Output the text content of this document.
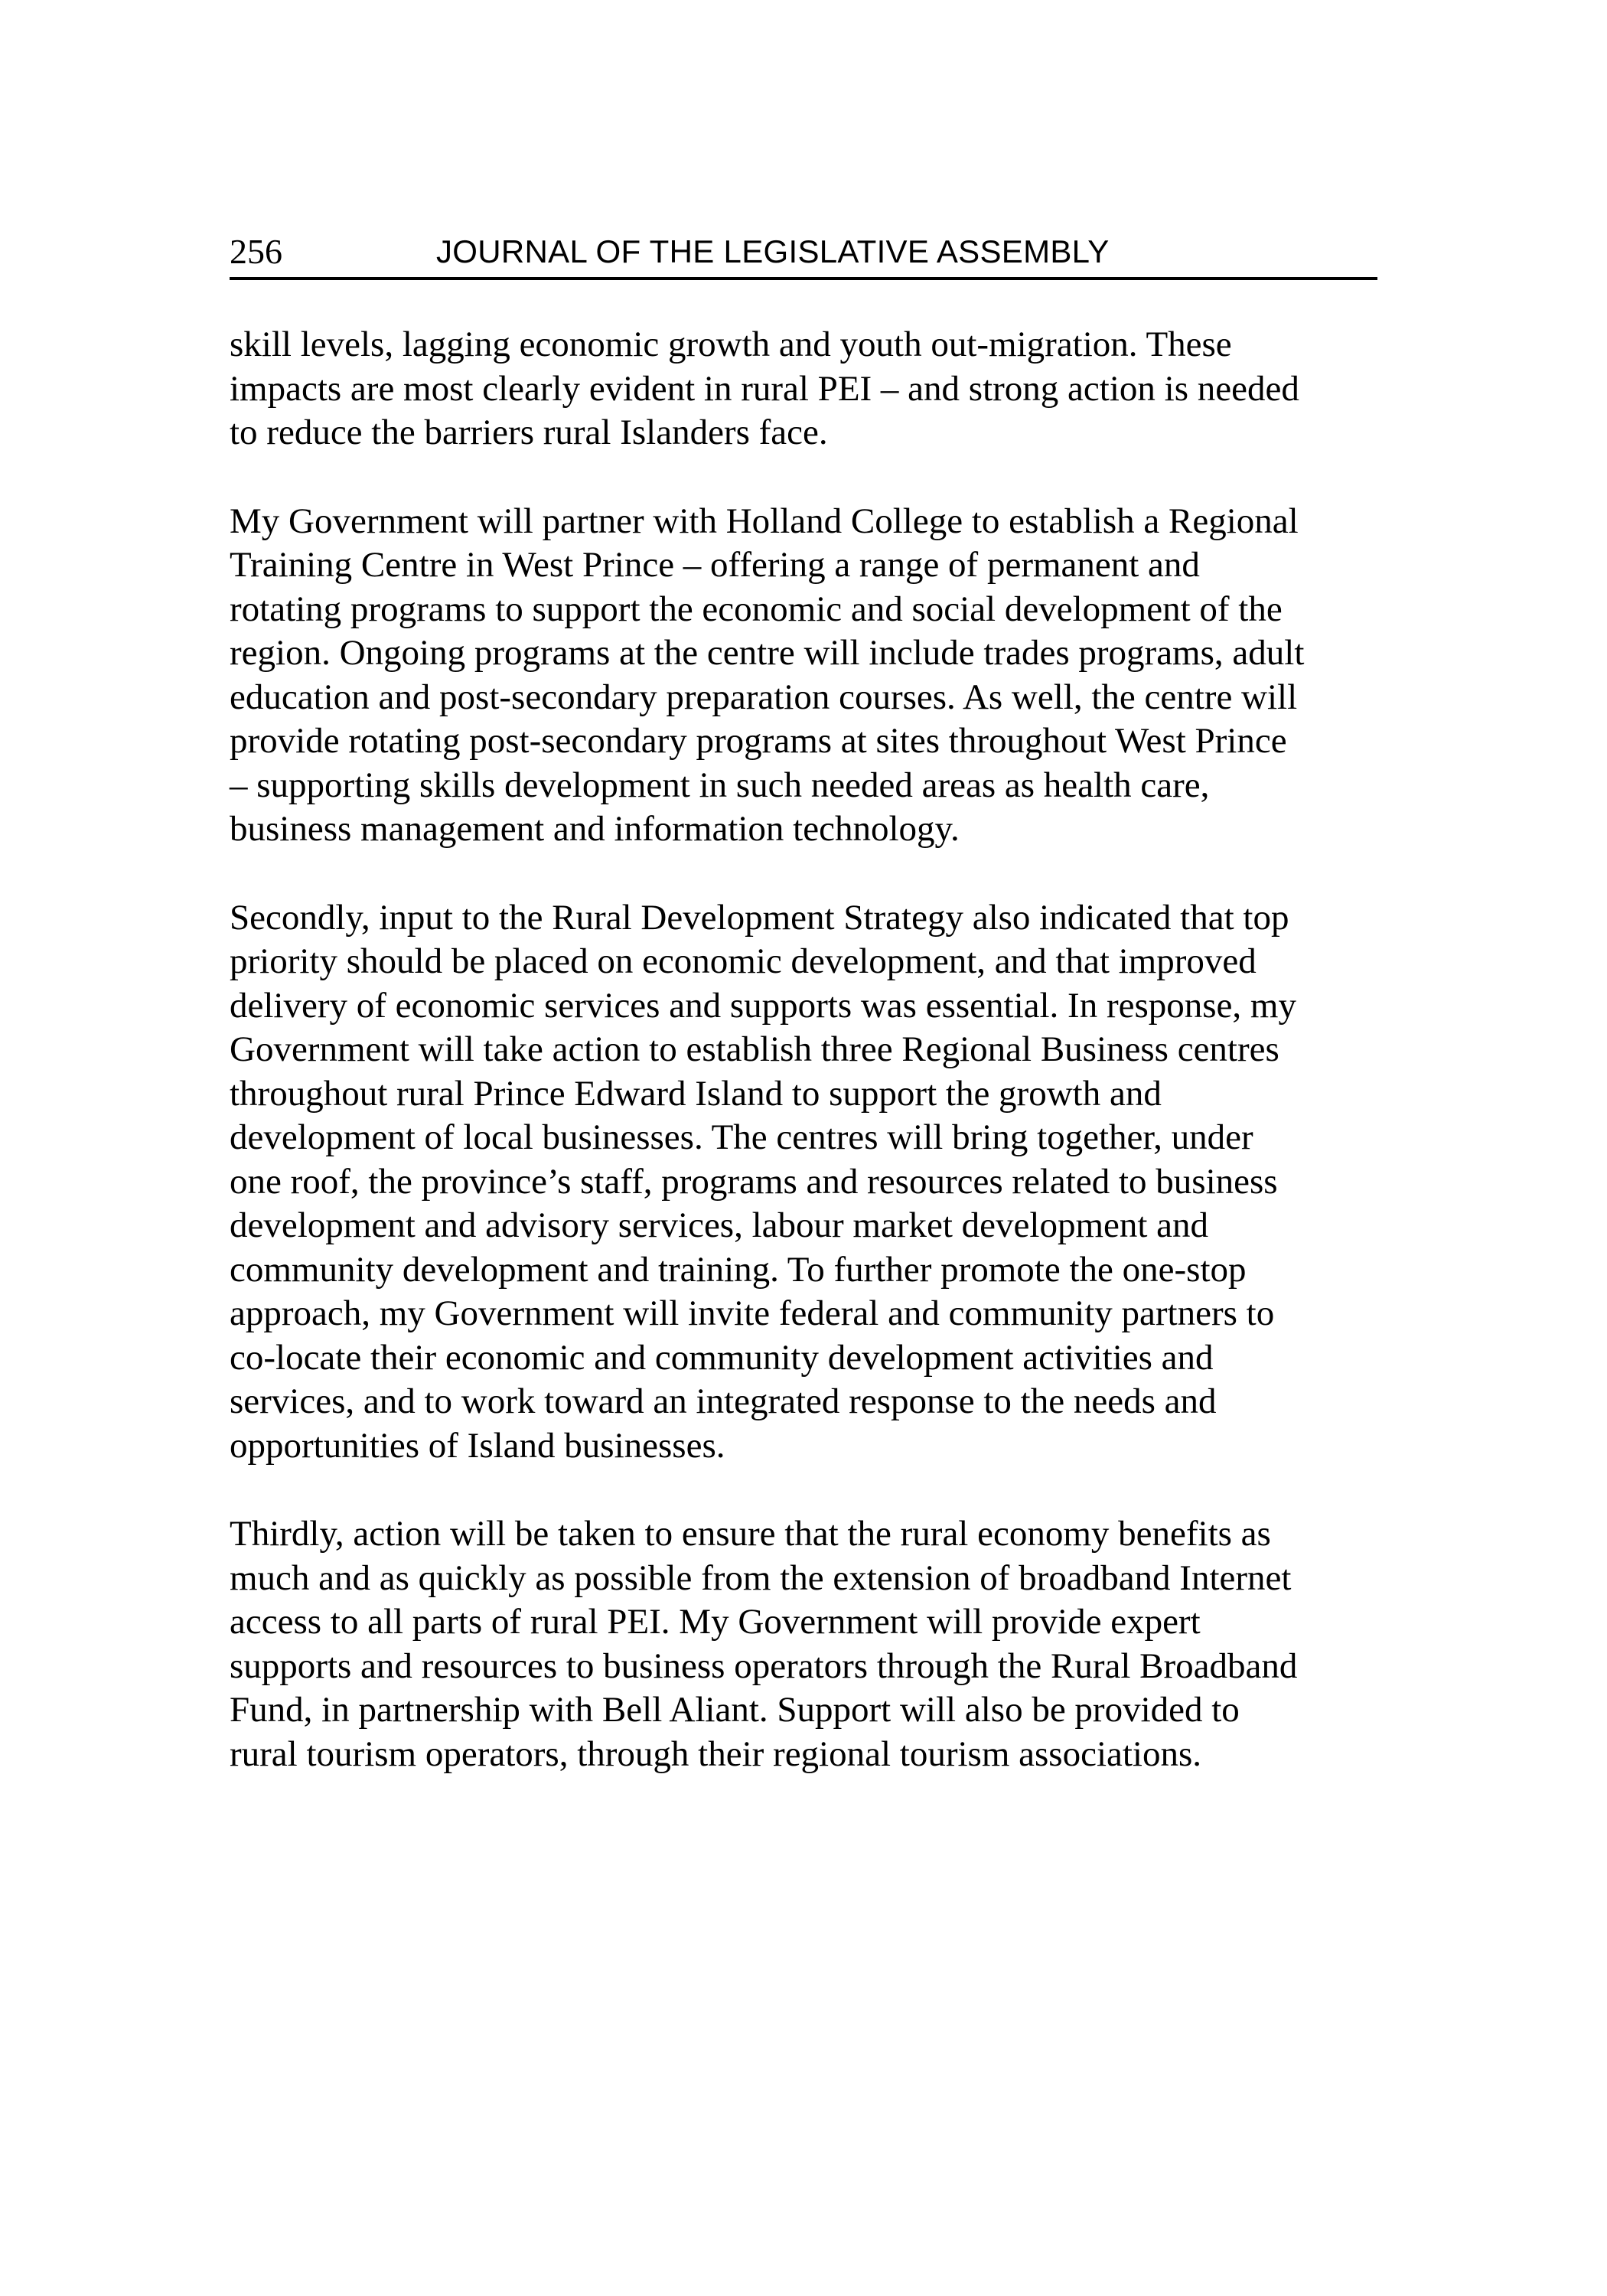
256	JOURNAL OF THE LEGISLATIVE ASSEMBLY
skill levels, lagging economic growth and youth out-migration. These
impacts are most clearly evident in rural PEI – and strong action is needed
to reduce the barriers rural Islanders face.
My Government will partner with Holland College to establish a Regional
Training Centre in West Prince – offering a range of permanent and
rotating programs to support the economic and social development of the
region. Ongoing programs at the centre will include trades programs, adult
education and post-secondary preparation courses. As well, the centre will
provide rotating post-secondary programs at sites throughout West Prince
– supporting skills development in such needed areas as health care,
business management and information technology.
Secondly, input to the Rural Development Strategy also indicated that top
priority should be placed on economic development, and that improved
delivery of economic services and supports was essential. In response, my
Government will take action to establish three Regional Business centres
throughout rural Prince Edward Island to support the growth and
development of local businesses. The centres will bring together, under
one roof, the province’s staff, programs and resources related to business
development and advisory services, labour market development and
community development and training. To further promote the one-stop
approach, my Government will invite federal and community partners to
co-locate their economic and community development activities and
services, and to work toward an integrated response to the needs and
opportunities of Island businesses.
Thirdly, action will be taken to ensure that the rural economy benefits as
much and as quickly as possible from the extension of broadband Internet
access to all parts of rural PEI. My Government will provide expert
supports and resources to business operators through the Rural Broadband
Fund, in partnership with Bell Aliant. Support will also be provided to
rural tourism operators, through their regional tourism associations.
